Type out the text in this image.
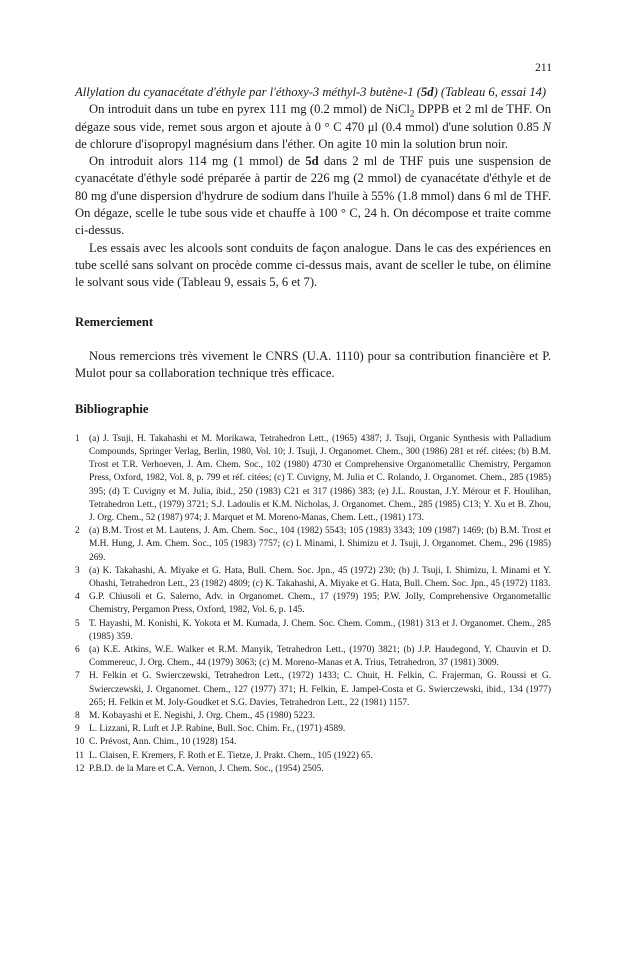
211

Allylation du cyanacétate d'éthyle par l'éthoxy-3 méthyl-3 butène-1 (5d) (Tableau 6, essai 14)

On introduit dans un tube en pyrex 111 mg (0.2 mmol) de NiCl$_2$ DPPB et 2 ml de THF. On dégaze sous vide, remet sous argon et ajoute à 0 ° C 470 μl (0.4 mmol) d'une solution 0.85 N de chlorure d'isopropyl magnésium dans l'éther. On agite 10 min la solution brun noir.

On introduit alors 114 mg (1 mmol) de 5d dans 2 ml de THF puis une suspension de cyanacétate d'éthyle sodé préparée à partir de 226 mg (2 mmol) de cyanacétate d'éthyle et de 80 mg d'une dispersion d'hydrure de sodium dans l'huile à 55% (1.8 mmol) dans 6 ml de THF. On dégaze, scelle le tube sous vide et chauffe à 100 ° C, 24 h. On décompose et traite comme ci-dessus.

Les essais avec les alcools sont conduits de façon analogue. Dans le cas des expériences en tube scellé sans solvant on procède comme ci-dessus mais, avant de sceller le tube, on élimine le solvant sous vide (Tableau 9, essais 5, 6 et 7).

Remerciement

Nous remercions très vivement le CNRS (U.A. 1110) pour sa contribution financière et P. Mulot pour sa collaboration technique très efficace.

Bibliographie

1 (a) J. Tsuji, H. Takahashi et M. Morikawa, Tetrahedron Lett., (1965) 4387; J. Tsuji, Organic Synthesis with Palladium Compounds, Springer Verlag, Berlin, 1980, Vol. 10; J. Tsuji, J. Organomet. Chem., 300 (1986) 281 et réf. citées; (b) B.M. Trost et T.R. Verhoeven, J. Am. Chem. Soc., 102 (1980) 4730 et Comprehensive Organometallic Chemistry, Pergamon Press, Oxford, 1982, Vol. 8, p. 799 et réf. citées; (c) T. Cuvigny, M. Julia et C. Rolando, J. Organomet. Chem., 285 (1985) 395; (d) T. Cuvigny et M. Julia, ibid., 250 (1983) C21 et 317 (1986) 383; (e) J.L. Roustan, J.Y. Mérour et F. Houlihan, Tetrahedron Lett., (1979) 3721; S.J. Ladoulis et K.M. Nicholas, J. Organomet. Chem., 285 (1985) C13; Y. Xu et B. Zhou, J. Org. Chem., 52 (1987) 974; J. Marquet et M. Moreno-Manas, Chem. Lett., (1981) 173.
2 (a) B.M. Trost et M. Lautens, J. Am. Chem. Soc., 104 (1982) 5543; 105 (1983) 3343; 109 (1987) 1469; (b) B.M. Trost et M.H. Hung, J. Am. Chem. Soc., 105 (1983) 7757; (c) I. Minami, I. Shimizu et J. Tsuji, J. Organomet. Chem., 296 (1985) 269.
3 (a) K. Takahashi, A. Miyake et G. Hata, Bull. Chem. Soc. Jpn., 45 (1972) 230; (b) J. Tsuji, I. Shimizu, I. Minami et Y. Ohashi, Tetrahedron Lett., 23 (1982) 4809; (c) K. Takahashi, A. Miyake et G. Hata, Bull. Chem. Soc. Jpn., 45 (1972) 1183.
4 G.P. Chiusoli et G. Salerno, Adv. in Organomet. Chem., 17 (1979) 195; P.W. Jolly, Comprehensive Organometallic Chemistry, Pergamon Press, Oxford, 1982, Vol. 6, p. 145.
5 T. Hayashi, M. Konishi, K. Yokota et M. Kumada, J. Chem. Soc. Chem. Comm., (1981) 313 et J. Organomet. Chem., 285 (1985) 359.
6 (a) K.E. Atkins, W.E. Walker et R.M. Manyik, Tetrahedron Lett., (1970) 3821; (b) J.P. Haudegond, Y. Chauvin et D. Commereuc, J. Org. Chem., 44 (1979) 3063; (c) M. Moreno-Manas et A. Trius, Tetrahedron, 37 (1981) 3009.
7 H. Felkin et G. Swierczewski, Tetrahedron Lett., (1972) 1433; C. Chuit, H. Felkin, C. Frajerman, G. Roussi et G. Swierczewski, J. Organomet. Chem., 127 (1977) 371; H. Felkin, E. Jampel-Costa et G. Swierczewski, ibid., 134 (1977) 265; H. Felkin et M. Joly-Goudket et S.G. Davies, Tetrahedron Lett., 22 (1981) 1157.
8 M. Kobayashi et E. Negishi, J. Org. Chem., 45 (1980) 5223.
9 L. Lizzani, R. Luft et J.P. Rabine, Bull. Soc. Chim. Fr., (1971) 4589.
10 C. Prévost, Ann. Chim., 10 (1928) 154.
11 L. Claisen, F. Kremers, F. Roth et E. Tietze, J. Prakt. Chem., 105 (1922) 65.
12 P.B.D. de la Mare et C.A. Vernon, J. Chem. Soc., (1954) 2505.
